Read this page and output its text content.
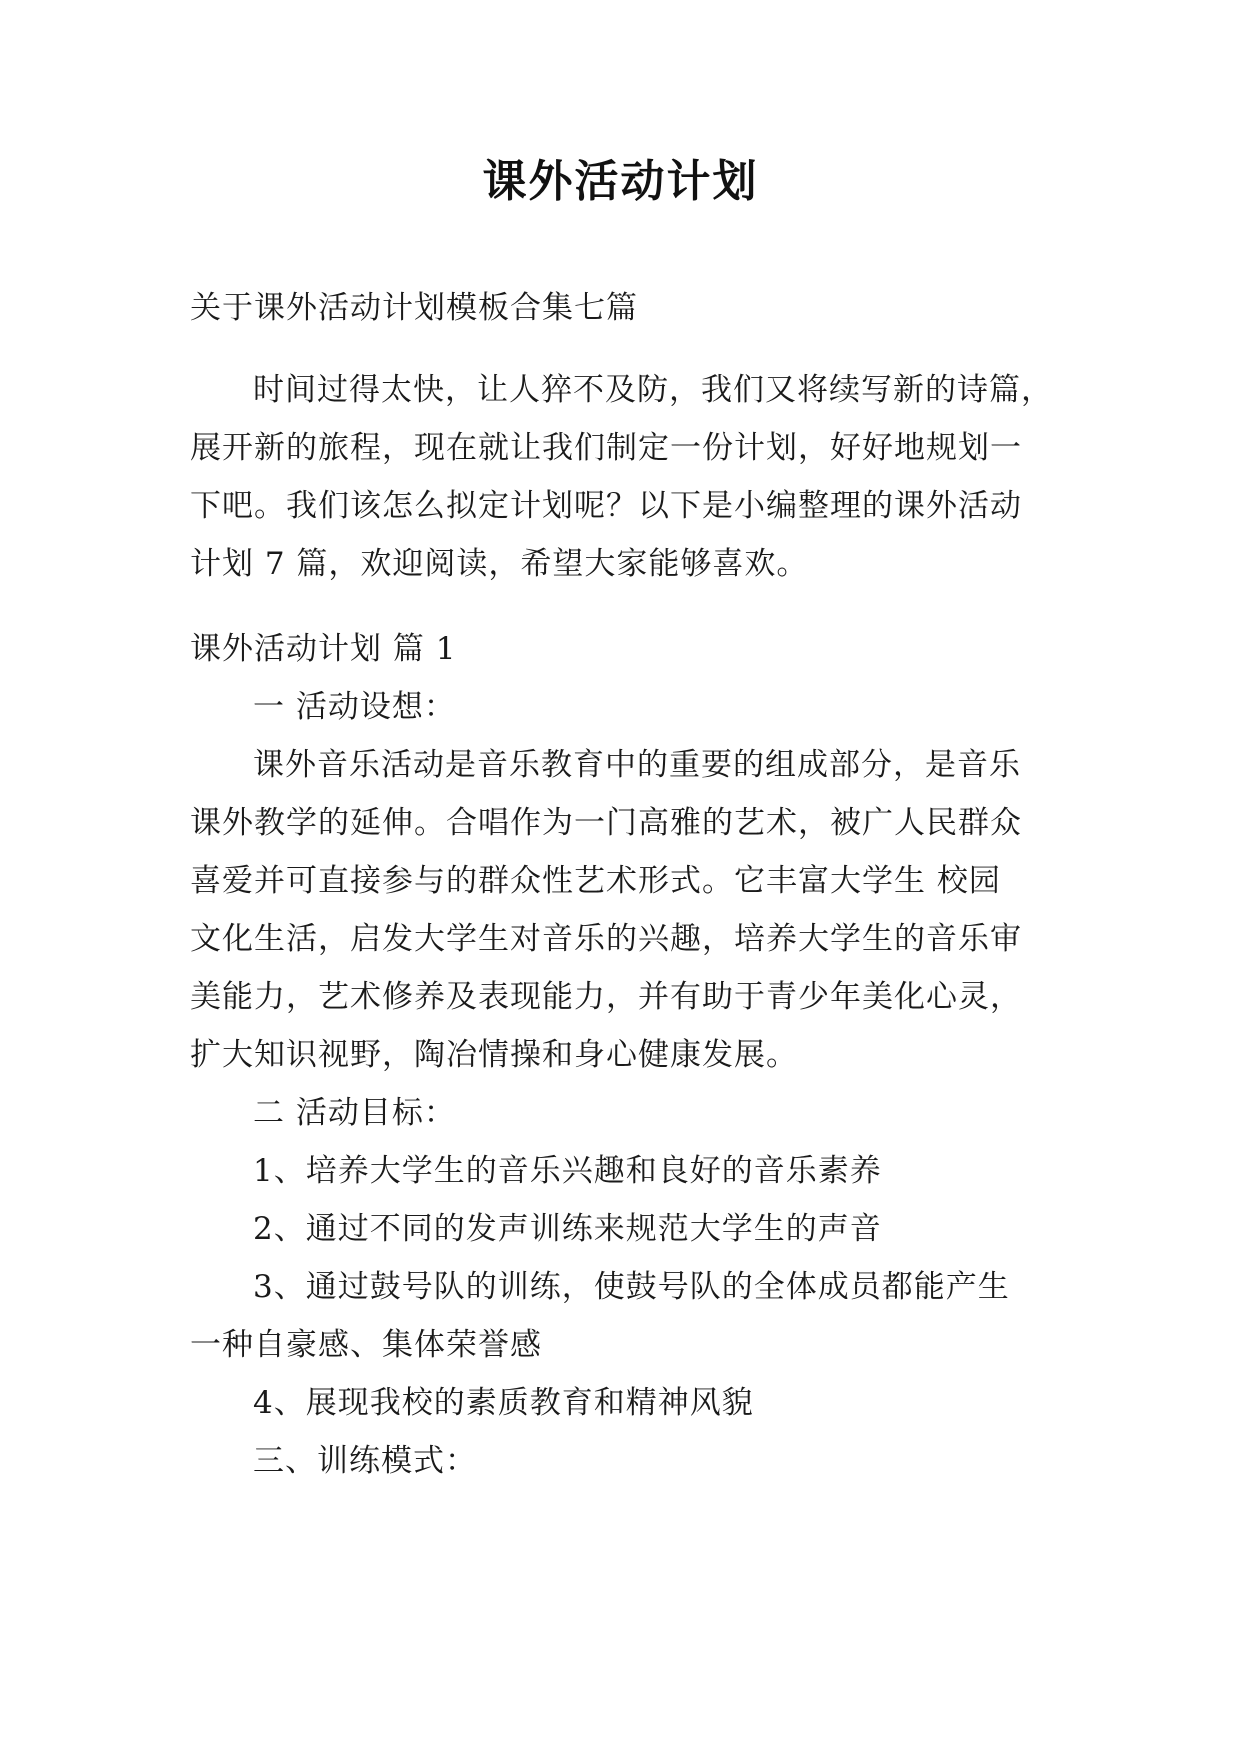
课外活动计划
关于课外活动计划模板合集七篇
时间过得太快，让人猝不及防，我们又将续写新的诗篇，
展开新的旅程，现在就让我们制定一份计划，好好地规划一
下吧。我们该怎么拟定计划呢？以下是小编整理的课外活动
计划 7 篇，欢迎阅读，希望大家能够喜欢。
课外活动计划 篇 1
一 活动设想：
课外音乐活动是音乐教育中的重要的组成部分，是音乐
课外教学的延伸。合唱作为一门高雅的艺术，被广人民群众
喜爱并可直接参与的群众性艺术形式。它丰富大学生 校园
文化生活，启发大学生对音乐的兴趣，培养大学生的音乐审
美能力，艺术修养及表现能力，并有助于青少年美化心灵，
扩大知识视野，陶冶情操和身心健康发展。
二 活动目标：
1、培养大学生的音乐兴趣和良好的音乐素养
2、通过不同的发声训练来规范大学生的声音
3、通过鼓号队的训练，使鼓号队的全体成员都能产生
一种自豪感、集体荣誉感
4、展现我校的素质教育和精神风貌
三、训练模式：
